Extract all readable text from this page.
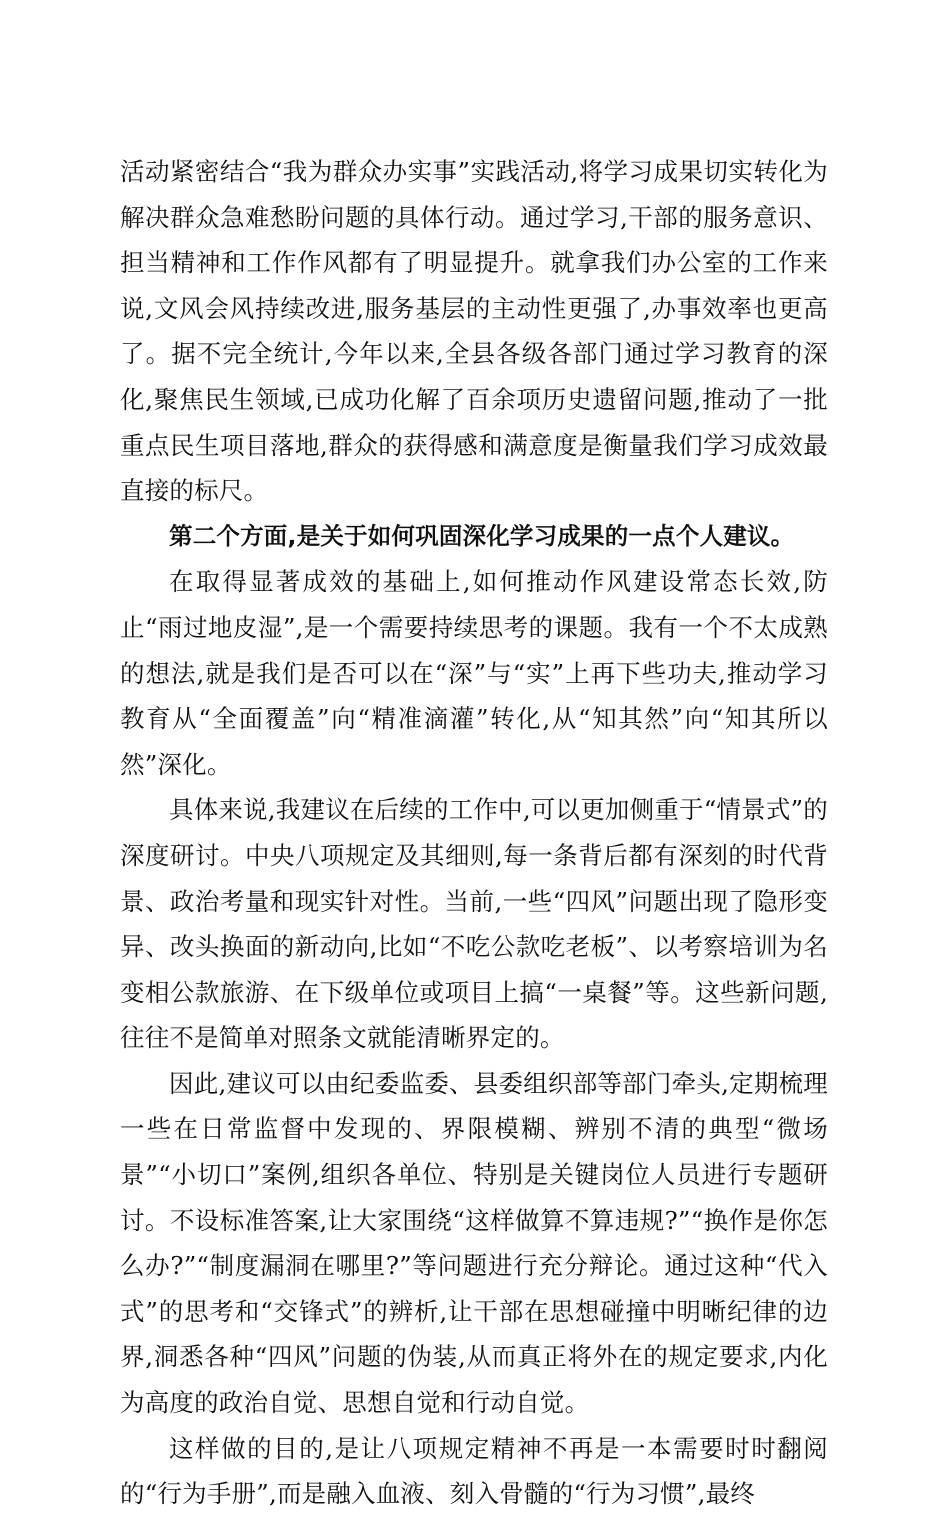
活动紧密结合“我为群众办实事”实践活动,将学习成果切实转化为解决群众急难愁盼问题的具体行动。通过学习,干部的服务意识、担当精神和工作作风都有了明显提升。就拿我们办公室的工作来说,文风会风持续改进,服务基层的主动性更强了,办事效率也更高了。据不完全统计,今年以来,全县各级各部门通过学习教育的深化,聚焦民生领域,已成功化解了百余项历史遗留问题,推动了一批重点民生项目落地,群众的获得感和满意度是衡量我们学习成效最直接的标尺。

第二个方面,是关于如何巩固深化学习成果的一点个人建议。

在取得显著成效的基础上,如何推动作风建设常态长效,防止“雨过地皮湿”,是一个需要持续思考的课题。我有一个不太成熟的想法,就是我们是否可以在“深”与“实”上再下些功夫,推动学习教育从“全面覆盖”向“精准滴灌”转化,从“知其然”向“知其所以然”深化。

具体来说,我建议在后续的工作中,可以更加侧重于“情景式”的深度研讨。中央八项规定及其细则,每一条背后都有深刻的时代背景、政治考量和现实针对性。当前,一些“四风”问题出现了隐形变异、改头换面的新动向,比如“不吃公款吃老板”、以考察培训为名变相公款旅游、在下级单位或项目上搞“一桌餐”等。这些新问题,往往不是简单对照条文就能清晰界定的。

因此,建议可以由纪委监委、县委组织部等部门牵头,定期梳理一些在日常监督中发现的、界限模糊、辨别不清的典型“微场景”“小切口”案例,组织各单位、特别是关键岗位人员进行专题研讨。不设标准答案,让大家围绕“这样做算不算违规?”“换作是你怎么办?”“制度漏洞在哪里?”等问题进行充分辩论。通过这种“代入式”的思考和“交锋式”的辨析,让干部在思想碰撞中明晰纪律的边界,洞悉各种“四风”问题的伪装,从而真正将外在的规定要求,内化为高度的政治自觉、思想自觉和行动自觉。

这样做的目的,是让八项规定精神不再是一本需要时时翻阅的“行为手册”,而是融入血液、刻入骨髓的“行为习惯”,最终
